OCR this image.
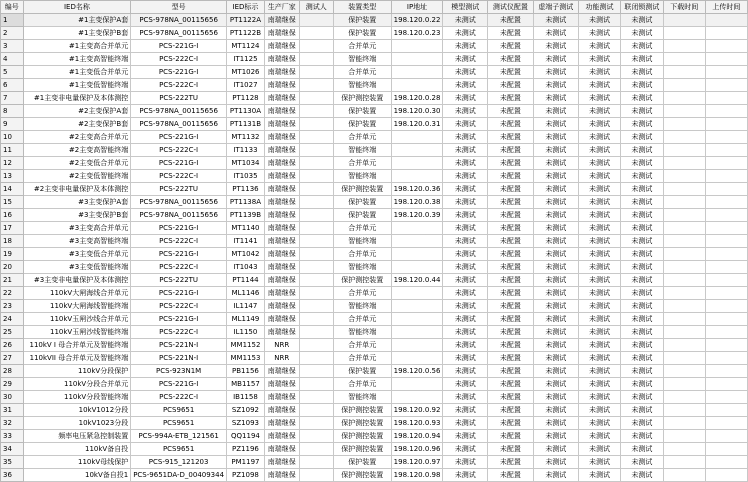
编号	IED名称	型号	IED标示	生产厂家	测试人	装置类型	IP地址	模型测试	测试仪配置	虚端子测试	功能测试	联闭锁测试	下载时间	上传时间
1	#1主变保护A套	PCS-978NA_00115656	PT1122A	南瑞继保		保护装置	198.120.0.22	未测试	未配置	未测试	未测试	未测试		
2	#1主变保护B套	PCS-978NA_00115656	PT1122B	南瑞继保		保护装置	198.120.0.23	未测试	未配置	未测试	未测试	未测试		
3	#1主变高合并单元	PCS-221G-I	MT1124	南瑞继保		合并单元		未测试	未配置	未测试	未测试	未测试		
4	#1主变高智能终端	PCS-222C-I	IT1125	南瑞继保		智能终端		未测试	未配置	未测试	未测试	未测试		
5	#1主变低合并单元	PCS-221G-I	MT1026	南瑞继保		合并单元		未测试	未配置	未测试	未测试	未测试		
6	#1主变低智能终端	PCS-222C-I	IT1027	南瑞继保		智能终端		未测试	未配置	未测试	未测试	未测试		
7	#1主变非电量保护及本体测控	PCS-222TU	PT1128	南瑞继保		保护测控装置	198.120.0.28	未测试	未配置	未测试	未测试	未测试		
8	#2主变保护A套	PCS-978NA_00115656	PT1130A	南瑞继保		保护装置	198.120.0.30	未测试	未配置	未测试	未测试	未测试		
9	#2主变保护B套	PCS-978NA_00115656	PT1131B	南瑞继保		保护装置	198.120.0.31	未测试	未配置	未测试	未测试	未测试		
10	#2主变高合并单元	PCS-221G-I	MT1132	南瑞继保		合并单元		未测试	未配置	未测试	未测试	未测试		
11	#2主变高智能终端	PCS-222C-I	IT1133	南瑞继保		智能终端		未测试	未配置	未测试	未测试	未测试		
12	#2主变低合并单元	PCS-221G-I	MT1034	南瑞继保		合并单元		未测试	未配置	未测试	未测试	未测试		
13	#2主变低智能终端	PCS-222C-I	IT1035	南瑞继保		智能终端		未测试	未配置	未测试	未测试	未测试		
14	#2主变非电量保护及本体测控	PCS-222TU	PT1136	南瑞继保		保护测控装置	198.120.0.36	未测试	未配置	未测试	未测试	未测试		
15	#3主变保护A套	PCS-978NA_00115656	PT1138A	南瑞继保		保护装置	198.120.0.38	未测试	未配置	未测试	未测试	未测试		
16	#3主变保护B套	PCS-978NA_00115656	PT1139B	南瑞继保		保护装置	198.120.0.39	未测试	未配置	未测试	未测试	未测试		
17	#3主变高合并单元	PCS-221G-I	MT1140	南瑞继保		合并单元		未测试	未配置	未测试	未测试	未测试		
18	#3主变高智能终端	PCS-222C-I	IT1141	南瑞继保		智能终端		未测试	未配置	未测试	未测试	未测试		
19	#3主变低合并单元	PCS-221G-I	MT1042	南瑞继保		合并单元		未测试	未配置	未测试	未测试	未测试		
20	#3主变低智能终端	PCS-222C-I	IT1043	南瑞继保		智能终端		未测试	未配置	未测试	未测试	未测试		
21	#3主变非电量保护及本体测控	PCS-222TU	PT1144	南瑞继保		保护测控装置	198.120.0.44	未测试	未配置	未测试	未测试	未测试		
22	110kV大闸海线合并单元	PCS-221G-I	ML1146	南瑞继保		合并单元		未测试	未配置	未测试	未测试	未测试		
23	110kV大闸海线智能终端	PCS-222C-I	IL1147	南瑞继保		智能终端		未测试	未配置	未测试	未测试	未测试		
24	110kV玉闸沙线合并单元	PCS-221G-I	ML1149	南瑞继保		合并单元		未测试	未配置	未测试	未测试	未测试		
25	110kV玉闸沙线智能终端	PCS-222C-I	IL1150	南瑞继保		智能终端		未测试	未配置	未测试	未测试	未测试		
26	110kV I 母合并单元及智能终端	PCS-221N-I	MM1152	NRR		合并单元		未测试	未配置	未测试	未测试	未测试		
27	110kVII 母合并单元及智能终端	PCS-221N-I	MM1153	NRR		合并单元		未测试	未配置	未测试	未测试	未测试		
28	110kV分段保护	PCS-923N1M	PB1156	南瑞继保		保护装置	198.120.0.56	未测试	未配置	未测试	未测试	未测试		
29	110kV分段合并单元	PCS-221G-I	MB1157	南瑞继保		合并单元		未测试	未配置	未测试	未测试	未测试		
30	110kV分段智能终端	PCS-222C-I	IB1158	南瑞继保		智能终端		未测试	未配置	未测试	未测试	未测试		
31	10kV1012分段	PCS9651	SZ1092	南瑞继保		保护测控装置	198.120.0.92	未测试	未配置	未测试	未测试	未测试		
32	10kV1023分段	PCS9651	SZ1093	南瑞继保		保护测控装置	198.120.0.93	未测试	未配置	未测试	未测试	未测试		
33	频率电压紧急控制装置	PCS-994A-ETB_121561	QQ1194	南瑞继保		保护测控装置	198.120.0.94	未测试	未配置	未测试	未测试	未测试		
34	110kV备自投	PCS9651	PZ1196	南瑞继保		保护测控装置	198.120.0.96	未测试	未配置	未测试	未测试	未测试		
35	110kV母线保护	PCS-915_121203	PM1197	南瑞继保		保护装置	198.120.0.97	未测试	未配置	未测试	未测试	未测试		
36	10kV备自投1	PCS-9651DA-D_00409344	PZ1098	南瑞继保		保护测控装置	198.120.0.98	未测试	未配置	未测试	未测试	未测试		
